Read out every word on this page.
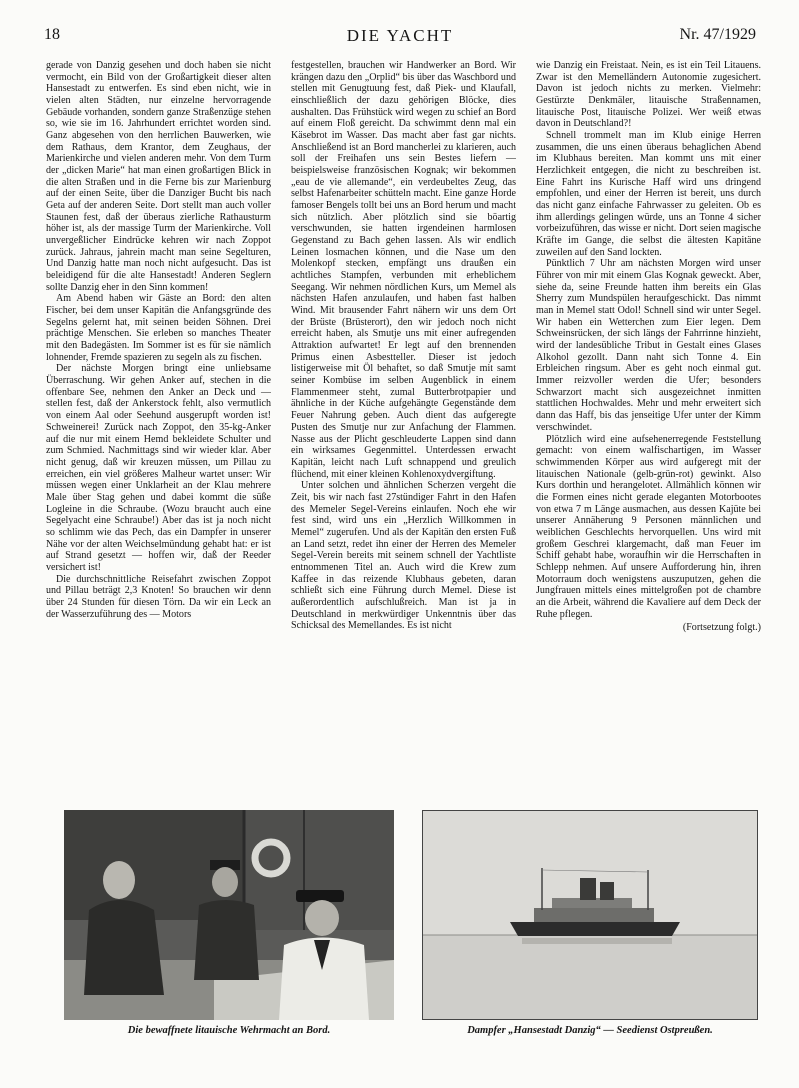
18	DIE YACHT	Nr. 47/1929

gerade von Danzig gesehen und doch haben sie nicht vermocht, ein Bild von der Großartigkeit dieser alten Hansestadt zu entwerfen. Es sind eben nicht, wie in vielen alten Städten, nur einzelne hervorragende Gebäude vorhanden, sondern ganze Straßenzüge stehen so, wie sie im 16. Jahrhundert errichtet worden sind. Ganz abgesehen von den herrlichen Bauwerken, wie dem Rathaus, dem Krantor, dem Zeughaus, der Marienkirche und vielen anderen mehr. Von dem Turm der „dicken Marie“ hat man einen großartigen Blick in die alten Straßen und in die Ferne bis zur Marienburg auf der einen Seite, über die Danziger Bucht bis nach Geta auf der anderen Seite. Dort stellt man auch voller Staunen fest, daß der überaus zierliche Rathausturm höher ist, als der massige Turm der Marienkirche. Voll unvergeßlicher Eindrücke kehren wir nach Zoppot zurück. Jahraus, jahrein macht man seine Segelturen, Und Danzig hatte man noch nicht aufgesucht. Das ist beleidigend für die alte Hansestadt! Anderen Seglern sollte Danzig eher in den Sinn kommen!

Am Abend haben wir Gäste an Bord: den alten Fischer, bei dem unser Kapitän die Anfangsgründe des Segelns gelernt hat, mit seinen beiden Söhnen. Drei prächtige Menschen. Sie erleben so manches Theater mit den Badegästen. Im Sommer ist es für sie nämlich lohnender, Fremde spazieren zu segeln als zu fischen.

Der nächste Morgen bringt eine unliebsame Überraschung. Wir gehen Anker auf, stechen in die offenbare See, nehmen den Anker an Deck und — stellen fest, daß der Ankerstock fehlt, also vermutlich von einem Aal oder Seehund ausgerupft worden ist! Schweinerei! Zurück nach Zoppot, den 35-kg-Anker auf die nur mit einem Hemd bekleidete Schulter und zum Schmied. Nachmittags sind wir wieder klar. Aber nicht genug, daß wir kreuzen müssen, um Pillau zu erreichen, ein viel größeres Malheur wartet unser: Wir müssen wegen einer Unklarheit an der Klau mehrere Male über Stag gehen und dabei kommt die süße Logleine in die Schraube. (Wozu braucht auch eine Segelyacht eine Schraube!) Aber das ist ja noch nicht so schlimm wie das Pech, das ein Dampfer in unserer Nähe vor der alten Weichselmündung gehabt hat: er ist auf Strand gesetzt — hoffen wir, daß der Reeder versichert ist!

Die durchschnittliche Reisefahrt zwischen Zoppot und Pillau beträgt 2,3 Knoten! So brauchen wir denn über 24 Stunden für diesen Törn. Da wir ein Leck an der Wasserzuführung des — Motors

festgestellen, brauchen wir Handwerker an Bord. Wir krängen dazu den „Orplid“ bis über das Waschbord und stellen mit Genugtuung fest, daß Piek- und Klaufall, einschließlich der dazu gehörigen Blöcke, dies aushalten. Das Frühstück wird wegen zu schief an Bord auf einem Floß gereicht. Da schwimmt denn mal ein Käsebrot im Wasser. Das macht aber fast gar nichts. Anschließend ist an Bord mancherlei zu klarieren, auch soll der Freihafen uns sein Bestes liefern — beispielsweise französischen Kognak; wir bekommen „eau de vie allemande“, ein verdeubeltes Zeug, das selbst Hafenarbeiter schütteln macht. Eine ganze Horde famoser Bengels tollt bei uns an Bord herum und macht sich nützlich. Aber plötzlich sind sie böartig verschwunden, sie hatten irgendeinen harmlosen Gegenstand zu Bach gehen lassen. Als wir endlich Leinen losmachen können, und die Nase um den Molenkopf stecken, empfängt uns draußen ein achtliches Stampfen, verbunden mit erheblichem Seegang. Wir nehmen nördlichen Kurs, um Memel als nächsten Hafen anzulaufen, und haben fast halben Wind. Mit brausender Fahrt nähern wir uns dem Ort der Brüste (Brüsterort), den wir jedoch noch nicht erreicht haben, als Smutje uns mit einer aufregenden Attraktion aufwartet! Er legt auf den brennenden Primus einen Asbestteller. Dieser ist jedoch listigerweise mit Öl behaftet, so daß Smutje mit samt seiner Kombüse im selben Augenblick in einem Flammenmeer steht, zumal Butterbrotpapier und ähnliche in der Küche aufgehängte Gegenstände dem Feuer Nahrung geben. Auch dient das aufgeregte Pusten des Smutje nur zur Anfachung der Flammen. Nasse aus der Plicht geschleuderte Lappen sind dann ein wirksames Gegenmittel. Unterdessen erwacht Kapitän, leicht nach Luft schnappend und greulich flüchend, mit einer kleinen Kohlenoxydvergiftung.

Unter solchen und ähnlichen Scherzen vergeht die Zeit, bis wir nach fast 27stündiger Fahrt in den Hafen des Memeler Segel-Vereins einlaufen. Noch ehe wir fest sind, wird uns ein „Herzlich Willkommen in Memel“ zugerufen. Und als der Kapitän den ersten Fuß an Land setzt, redet ihn einer der Herren des Memeler Segel-Verein bereits mit seinem schnell der Yachtliste entnommenen Titel an. Auch wird die Krew zum Kaffee in das reizende Klubhaus gebeten, daran schließt sich eine Führung durch Memel. Diese ist außerordentlich aufschlußreich. Man ist ja in Deutschland in merkwürdiger Unkenntnis über das Schicksal des Memellandes. Es ist nicht

wie Danzig ein Freistaat. Nein, es ist ein Teil Litauens. Zwar ist den Memelländern Autonomie zugesichert. Davon ist jedoch nichts zu merken. Vielmehr: Gestürzte Denkmäler, litauische Straßennamen, litauische Post, litauische Polizei. Wer weiß etwas davon in Deutschland?!

Schnell trommelt man im Klub einige Herren zusammen, die uns einen überaus behaglichen Abend im Klubhaus bereiten. Man kommt uns mit einer Herzlichkeit entgegen, die nicht zu beschreiben ist. Eine Fahrt ins Kurische Haff wird uns dringend empfohlen, und einer der Herren ist bereit, uns durch das nicht ganz einfache Fahrwasser zu geleiten. Ob es ihm allerdings gelingen würde, uns an Tonne 4 sicher vorbeizuführen, das wisse er nicht. Dort seien magische Kräfte im Gange, die selbst die ältesten Kapitäne zuweilen auf den Sand lockten.

Pünktlich 7 Uhr am nächsten Morgen wird unser Führer von mir mit einem Glas Kognak geweckt. Aber, siehe da, seine Freunde hatten ihm bereits ein Glas Sherry zum Mundspülen heraufgeschickt. Das nimmt man in Memel statt Odol! Schnell sind wir unter Segel. Wir haben ein Wetterchen zum Eier legen. Dem Schweinsrücken, der sich längs der Fahrrinne hinzieht, wird der landesübliche Tribut in Gestalt eines Glases Alkohol gezollt. Dann naht sich Tonne 4. Ein Erbleichen ringsum. Aber es geht noch einmal gut. Immer reizvoller werden die Ufer; besonders Schwarzort macht sich ausgezeichnet inmitten stattlichen Hochwaldes. Mehr und mehr erweitert sich dann das Haff, bis das jenseitige Ufer unter der Kimm verschwindet.

Plötzlich wird eine aufsehenerregende Feststellung gemacht: von einem walfischartigen, im Wasser schwimmenden Körper aus wird aufgeregt mit der litauischen Nationale (gelb-grün-rot) gewinkt. Also Kurs dorthin und herangelotet. Allmählich können wir die Formen eines nicht gerade eleganten Motorbootes von etwa 7 m Länge ausmachen, aus dessen Kajüte bei unserer Annäherung 9 Personen männlichen und weiblichen Geschlechts hervorquellen. Uns wird mit großem Geschrei klargemacht, daß man Feuer im Schiff gehabt habe, woraufhin wir die Herrschaften in Schlepp nehmen. Auf unsere Aufforderung hin, ihren Motorraum doch wenigstens auszuputzen, gehen die Jungfrauen mittels eines mittelgroßen pot de chambre an die Arbeit, während die Kavaliere auf dem Deck der Ruhe pflegen.

(Fortsetzung folgt.)

Die bewaffnete litauische Wehrmacht an Bord.	Dampfer „Hansestadt Danzig“ — Seedienst Ostpreußen.
